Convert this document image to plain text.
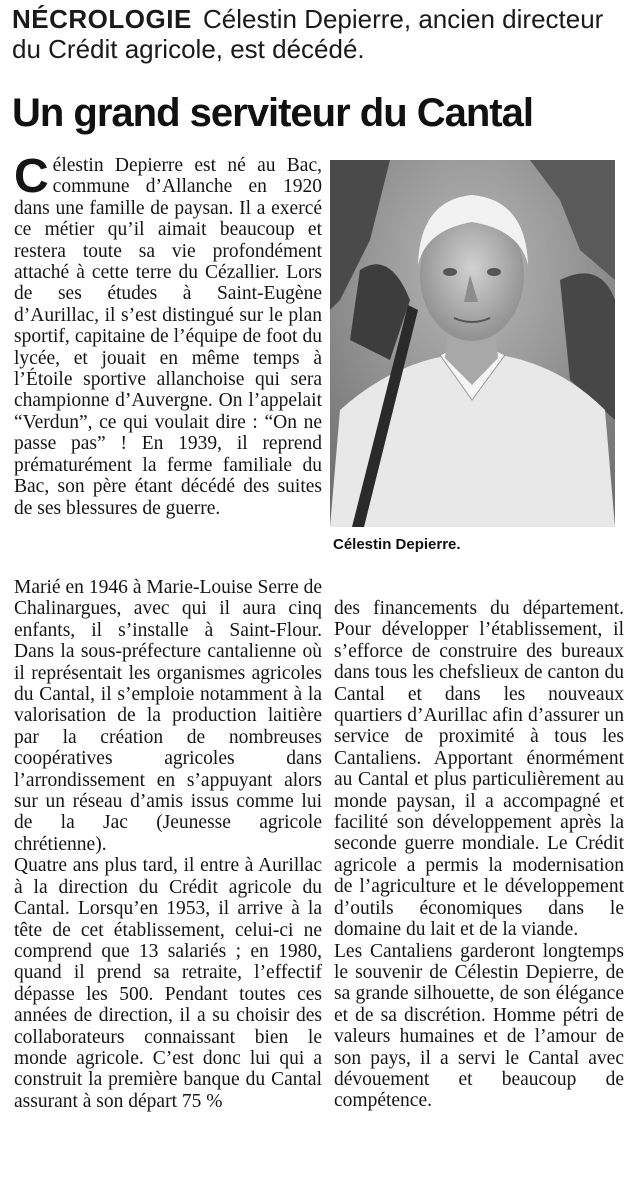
NÉCROLOGIE Célestin Depierre, ancien directeur du Crédit agricole, est décédé.
Un grand serviteur du Cantal

Célestin Depierre est né au Bac, commune d’Allanche en 1920 dans une famille de paysan. Il a exercé ce métier qu’il aimait beaucoup et restera toute sa vie profondément attaché à cette terre du Cézallier. Lors de ses études à Saint-Eugène d’Aurillac, il s’est distingué sur le plan sportif, capitaine de l’équipe de foot du lycée, et jouait en même temps à l’Étoile sportive allanchoise qui sera championne d’Auvergne. On l’appelait “Verdun”, ce qui voulait dire : “On ne passe pas” ! En 1939, il reprend prématurément la ferme familiale du Bac, son père étant décédé des suites de ses blessures de guerre.

Célestin Depierre.

Marié en 1946 à Marie-Louise Serre de Chalinargues, avec qui il aura cinq enfants, il s’installe à Saint-Flour. Dans la sous-préfecture cantalienne où il représentait les organismes agricoles du Cantal, il s’emploie notamment à la valorisation de la production laitière par la création de nombreuses coopératives agricoles dans l’arrondissement en s’appuyant alors sur un réseau d’amis issus comme lui de la Jac (Jeunesse agricole chrétienne).

Quatre ans plus tard, il entre à Aurillac à la direction du Crédit agricole du Cantal. Lorsqu’en 1953, il arrive à la tête de cet établissement, celui-ci ne comprend que 13 salariés ; en 1980, quand il prend sa retraite, l’effectif dépasse les 500. Pendant toutes ces années de direction, il a su choisir des collaborateurs connaissant bien le monde agricole. C’est donc lui qui a construit la première banque du Cantal assurant à son départ 75 %

des financements du département. Pour développer l’établissement, il s’efforce de construire des bureaux dans tous les chefslieux de canton du Cantal et dans les nouveaux quartiers d’Aurillac afin d’assurer un service de proximité à tous les Cantaliens. Apportant énormément au Cantal et plus particulièrement au monde paysan, il a accompagné et facilité son développement après la seconde guerre mondiale. Le Crédit agricole a permis la modernisation de l’agriculture et le développement d’outils économiques dans le domaine du lait et de la viande.

Les Cantaliens garderont longtemps le souvenir de Célestin Depierre, de sa grande silhouette, de son élégance et de sa discrétion. Homme pétri de valeurs humaines et de l’amour de son pays, il a servi le Cantal avec dévouement et beaucoup de compétence.
